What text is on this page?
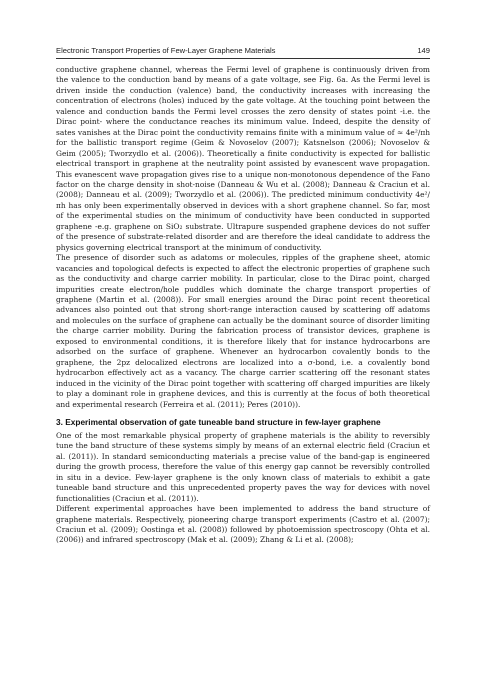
Electronic Transport Properties of Few-Layer Graphene Materials	149

conductive graphene channel, whereas the Fermi level of graphene is continuously driven from the valence to the conduction band by means of a gate voltage, see Fig. 6a. As the Fermi level is driven inside the conduction (valence) band, the conductivity increases with increasing the concentration of electrons (holes) induced by the gate voltage. At the touching point between the valence and conduction bands the Fermi level crosses the zero density of states point -i.e. the Dirac point- where the conductance reaches its minimum value. Indeed, despite the density of sates vanishes at the Dirac point the conductivity remains finite with a minimum value of ≈ 4e²/πh for the ballistic transport regime (Geim & Novoselov (2007); Katsnelson (2006); Novoselov & Geim (2005); Tworzydlo et al. (2006)). Theoretically a finite conductivity is expected for ballistic electrical transport in graphene at the neutrality point assisted by evanescent wave propagation. This evanescent wave propagation gives rise to a unique non-monotonous dependence of the Fano factor on the charge density in shot-noise (Danneau & Wu et al. (2008); Danneau & Craciun et al. (2008); Danneau et al. (2009); Tworzydlo et al. (2006)). The predicted minimum conductivity 4e²/πh has only been experimentally observed in devices with a short graphene channel. So far, most of the experimental studies on the minimum of conductivity have been conducted in supported graphene -e.g. graphene on SiO₂ substrate. Ultrapure suspended graphene devices do not suffer of the presence of substrate-related disorder and are therefore the ideal candidate to address the physics governing electrical transport at the minimum of conductivity.

The presence of disorder such as adatoms or molecules, ripples of the graphene sheet, atomic vacancies and topological defects is expected to affect the electronic properties of graphene such as the conductivity and charge carrier mobility. In particular, close to the Dirac point, charged impurities create electron/hole puddles which dominate the charge transport properties of graphene (Martin et al. (2008)). For small energies around the Dirac point recent theoretical advances also pointed out that strong short-range interaction caused by scattering off adatoms and molecules on the surface of graphene can actually be the dominant source of disorder limiting the charge carrier mobility. During the fabrication process of transistor devices, graphene is exposed to environmental conditions, it is therefore likely that for instance hydrocarbons are adsorbed on the surface of graphene. Whenever an hydrocarbon covalently bonds to the graphene, the 2pz delocalized electrons are localized into a σ-bond, i.e. a covalently bond hydrocarbon effectively act as a vacancy. The charge carrier scattering off the resonant states induced in the vicinity of the Dirac point together with scattering off charged impurities are likely to play a dominant role in graphene devices, and this is currently at the focus of both theoretical and experimental research (Ferreira et al. (2011); Peres (2010)).

3. Experimental observation of gate tuneable band structure in few-layer graphene

One of the most remarkable physical property of graphene materials is the ability to reversibly tune the band structure of these systems simply by means of an external electric field (Craciun et al. (2011)). In standard semiconducting materials a precise value of the band-gap is engineered during the growth process, therefore the value of this energy gap cannot be reversibly controlled in situ in a device. Few-layer graphene is the only known class of materials to exhibit a gate tuneable band structure and this unprecedented property paves the way for devices with novel functionalities (Craciun et al. (2011)).

Different experimental approaches have been implemented to address the band structure of graphene materials. Respectively, pioneering charge transport experiments (Castro et al. (2007); Craciun et al. (2009); Oostinga et al. (2008)) followed by photoemission spectroscopy (Ohta et al. (2006)) and infrared spectroscopy (Mak et al. (2009); Zhang & Li et al. (2008);
